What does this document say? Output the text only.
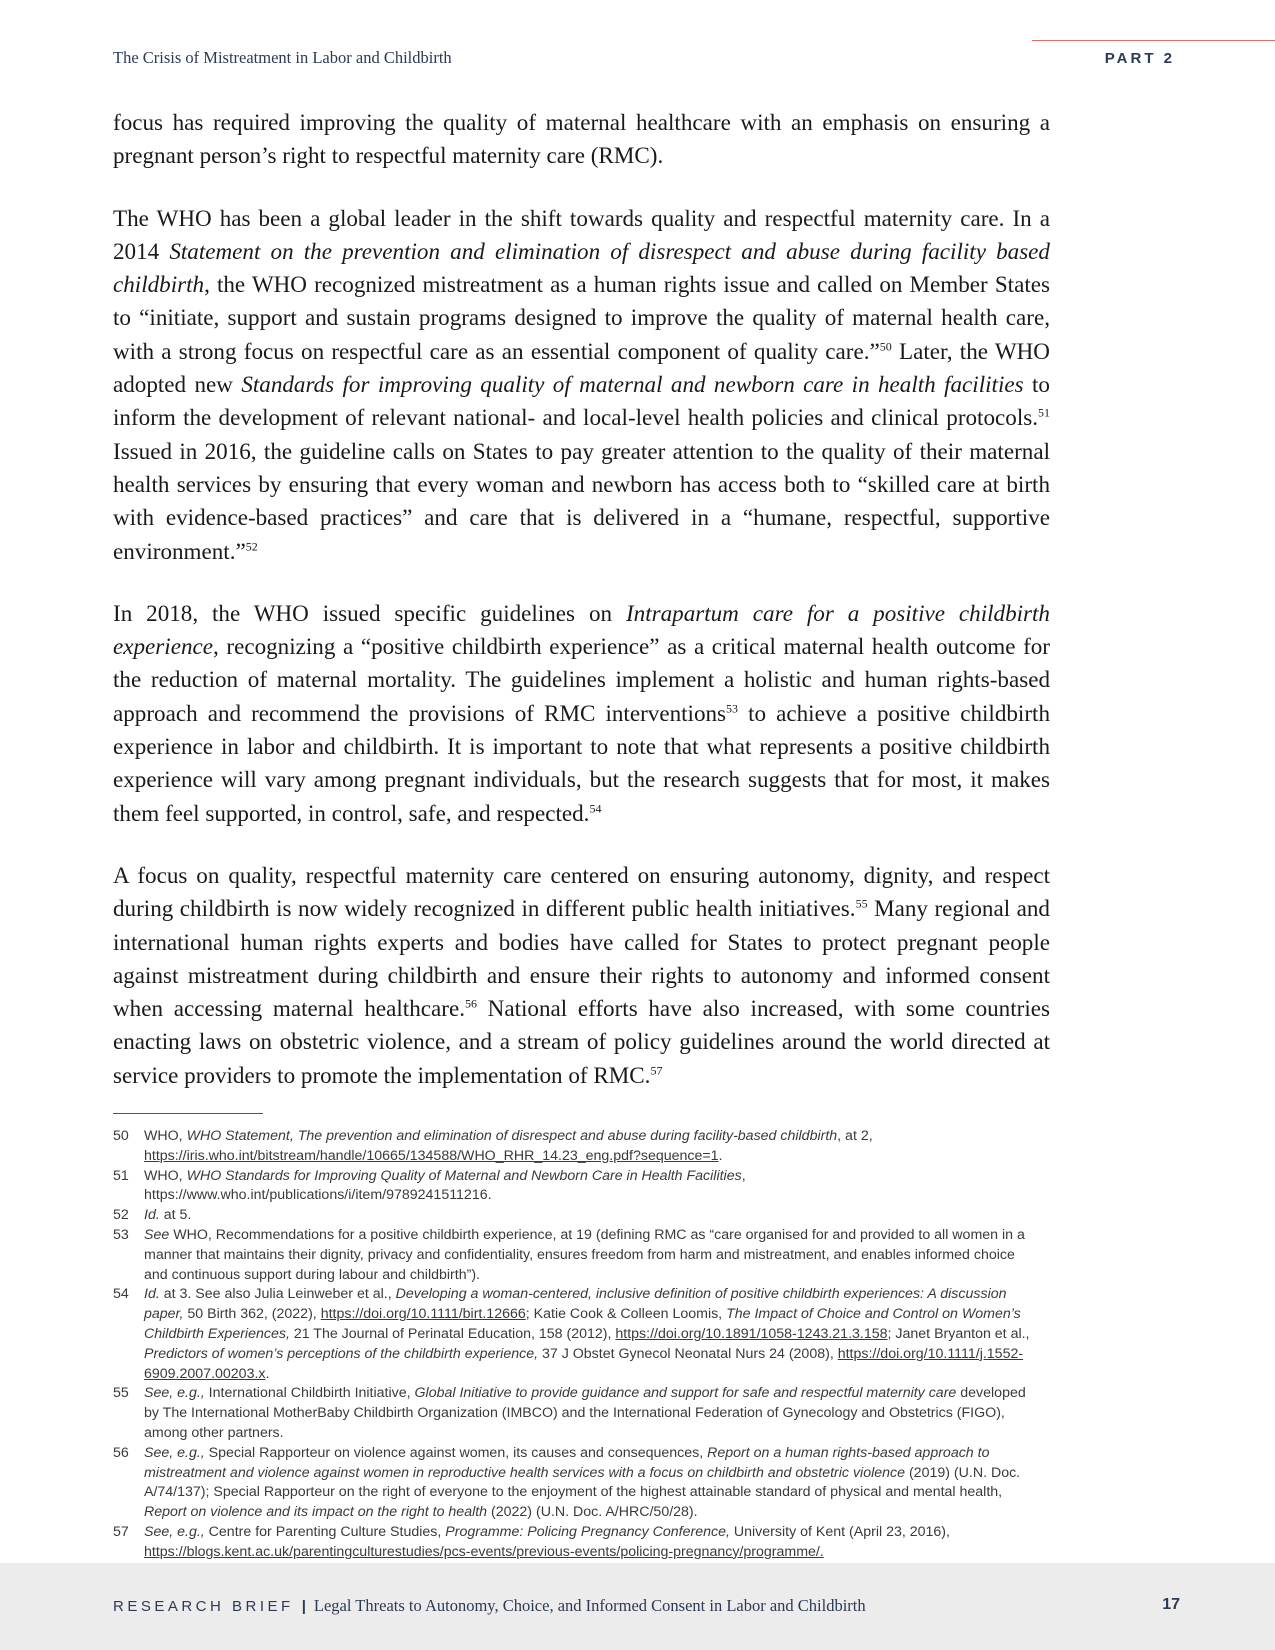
The Crisis of Mistreatment in Labor and Childbirth	PART 2

focus has required improving the quality of maternal healthcare with an emphasis on ensuring a pregnant person’s right to respectful maternity care (RMC).

The WHO has been a global leader in the shift towards quality and respectful maternity care. In a 2014 Statement on the prevention and elimination of disrespect and abuse during facility based childbirth, the WHO recognized mistreatment as a human rights issue and called on Member States to “initiate, support and sustain programs designed to improve the quality of maternal health care, with a strong focus on respectful care as an essential component of quality care.”$^{50}$ Later, the WHO adopted new Standards for improving quality of maternal and newborn care in health facilities to inform the development of relevant national- and local-level health policies and clinical protocols.$^{51}$ Issued in 2016, the guideline calls on States to pay greater attention to the quality of their maternal health services by ensuring that every woman and newborn has access both to “skilled care at birth with evidence-based practices” and care that is delivered in a “humane, respectful, supportive environment.”$^{52}$

In 2018, the WHO issued specific guidelines on Intrapartum care for a positive childbirth experience, recognizing a “positive childbirth experience” as a critical maternal health outcome for the reduction of maternal mortality. The guidelines implement a holistic and human rights-based approach and recommend the provisions of RMC interventions$^{53}$ to achieve a positive childbirth experience in labor and childbirth. It is important to note that what represents a positive childbirth experience will vary among pregnant individuals, but the research suggests that for most, it makes them feel supported, in control, safe, and respected.$^{54}$

A focus on quality, respectful maternity care centered on ensuring autonomy, dignity, and respect during childbirth is now widely recognized in different public health initiatives.$^{55}$ Many regional and international human rights experts and bodies have called for States to protect pregnant people against mistreatment during childbirth and ensure their rights to autonomy and informed consent when accessing maternal healthcare.$^{56}$ National efforts have also increased, with some countries enacting laws on obstetric violence, and a stream of policy guidelines around the world directed at service providers to promote the implementation of RMC.$^{57}$

50	WHO, WHO Statement, The prevention and elimination of disrespect and abuse during facility-based childbirth, at 2, https://iris.who.int/bitstream/handle/10665/134588/WHO_RHR_14.23_eng.pdf?sequence=1.
51	WHO, WHO Standards for Improving Quality of Maternal and Newborn Care in Health Facilities, https://www.who.int/publications/i/item/9789241511216.
52	Id. at 5.
53	See WHO, Recommendations for a positive childbirth experience, at 19 (defining RMC as “care organised for and provided to all women in a manner that maintains their dignity, privacy and confidentiality, ensures freedom from harm and mistreatment, and enables informed choice and continuous support during labour and childbirth”).
54	Id. at 3. See also Julia Leinweber et al., Developing a woman-centered, inclusive definition of positive childbirth experiences: A discussion paper, 50 Birth 362, (2022), https://doi.org/10.1111/birt.12666; Katie Cook & Colleen Loomis, The Impact of Choice and Control on Women’s Childbirth Experiences, 21 The Journal of Perinatal Education, 158 (2012), https://doi.org/10.1891/1058-1243.21.3.158; Janet Bryanton et al., Predictors of women’s perceptions of the childbirth experience, 37 J Obstet Gynecol Neonatal Nurs 24 (2008), https://doi.org/10.1111/j.1552-6909.2007.00203.x.
55	See, e.g., International Childbirth Initiative, Global Initiative to provide guidance and support for safe and respectful maternity care developed by The International MotherBaby Childbirth Organization (IMBCO) and the International Federation of Gynecology and Obstetrics (FIGO), among other partners.
56	See, e.g., Special Rapporteur on violence against women, its causes and consequences, Report on a human rights-based approach to mistreatment and violence against women in reproductive health services with a focus on childbirth and obstetric violence (2019) (U.N. Doc. A/74/137); Special Rapporteur on the right of everyone to the enjoyment of the highest attainable standard of physical and mental health, Report on violence and its impact on the right to health (2022) (U.N. Doc. A/HRC/50/28).
57	See, e.g., Centre for Parenting Culture Studies, Programme: Policing Pregnancy Conference, University of Kent (April 23, 2016), https://blogs.kent.ac.uk/parentingculturestudies/pcs-events/previous-events/policing-pregnancy/programme/.
RESEARCH BRIEF | Legal Threats to Autonomy, Choice, and Informed Consent in Labor and Childbirth	17
